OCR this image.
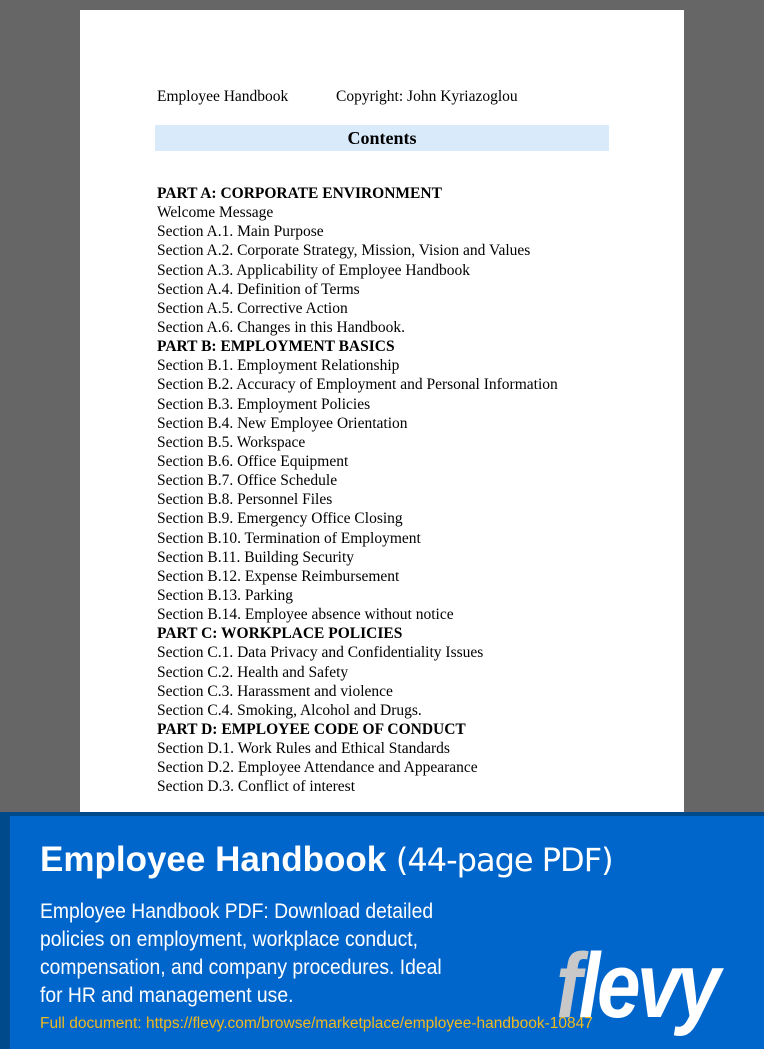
Employee Handbook	Copyright: John Kyriazoglou
Contents
PART A: CORPORATE ENVIRONMENT
Welcome Message
Section A.1. Main Purpose
Section A.2. Corporate Strategy, Mission, Vision and Values
Section A.3. Applicability of Employee Handbook
Section A.4. Definition of Terms
Section A.5. Corrective Action
Section A.6. Changes in this Handbook.
PART B: EMPLOYMENT BASICS
Section B.1. Employment Relationship
Section B.2. Accuracy of Employment and Personal Information
Section B.3. Employment Policies
Section B.4. New Employee Orientation
Section B.5. Workspace
Section B.6. Office Equipment
Section B.7. Office Schedule
Section B.8. Personnel Files
Section B.9. Emergency Office Closing
Section B.10. Termination of Employment
Section B.11. Building Security
Section B.12. Expense Reimbursement
Section B.13. Parking
Section B.14. Employee absence without notice
PART C: WORKPLACE POLICIES
Section C.1. Data Privacy and Confidentiality Issues
Section C.2. Health and Safety
Section C.3. Harassment and violence
Section C.4. Smoking, Alcohol and Drugs.
PART D: EMPLOYEE CODE OF CONDUCT
Section D.1. Work Rules and Ethical Standards
Section D.2. Employee Attendance and Appearance
Section D.3. Conflict of interest
Employee Handbook (44-page PDF)
Employee Handbook PDF: Download detailed policies on employment, workplace conduct, compensation, and company procedures. Ideal for HR and management use.	flevy
Full document: https://flevy.com/browse/marketplace/employee-handbook-10847
